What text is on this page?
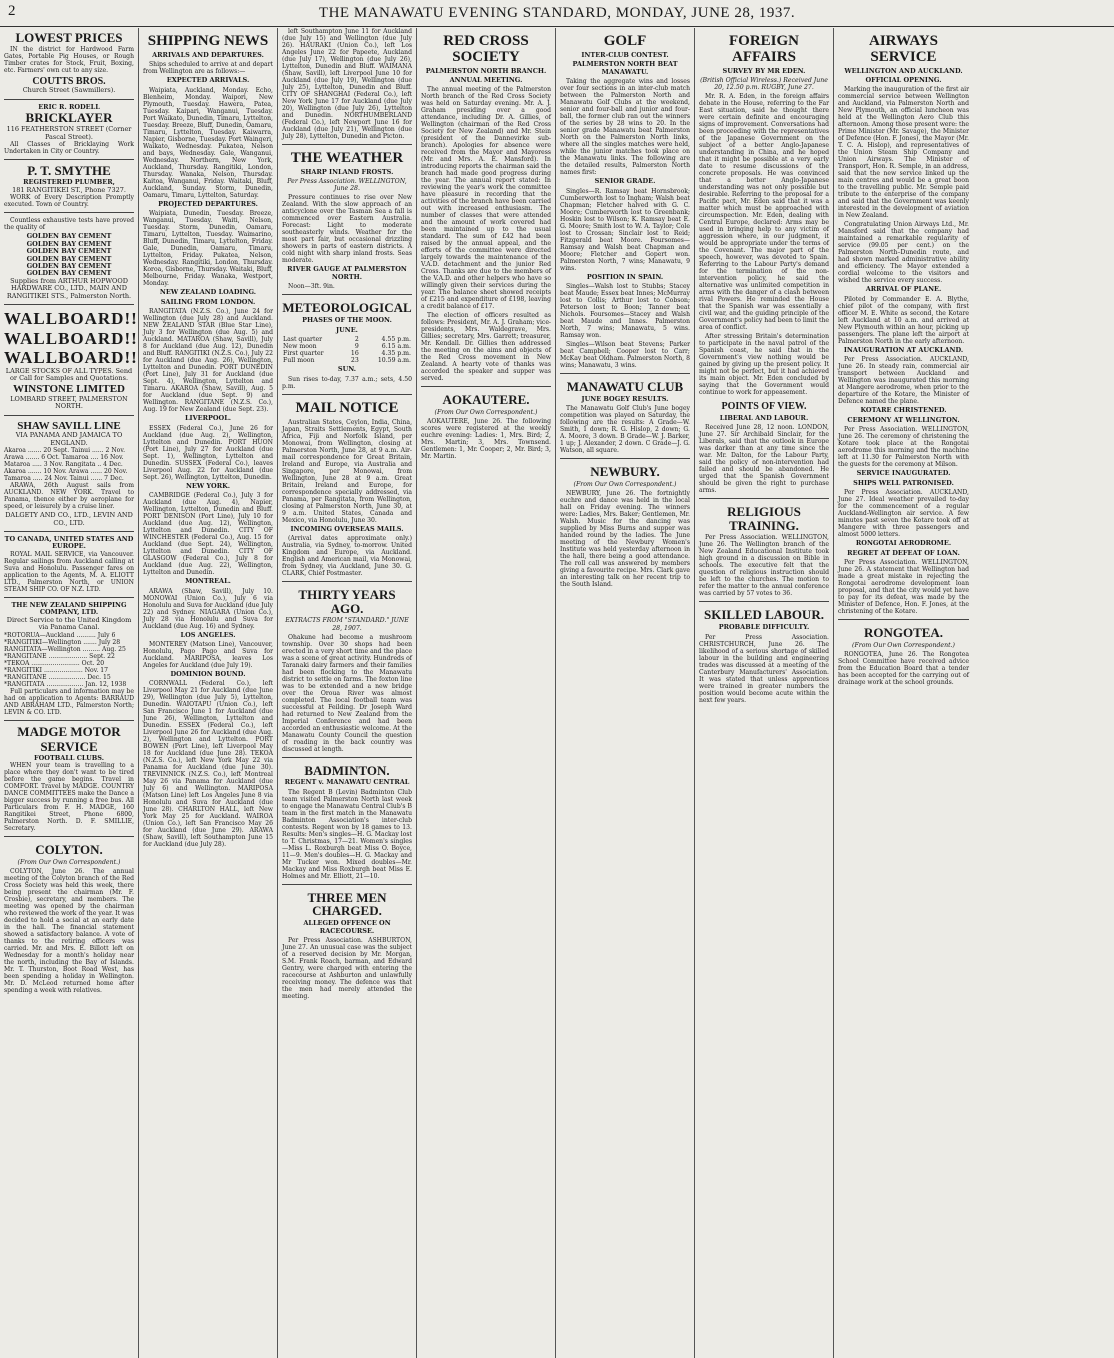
2	THE MANAWATU EVENING STANDARD, MONDAY, JUNE 28, 1937.
LOWEST PRICES
IN the district for Hardwood Farm Gates, Portable Pig Houses, or Rough Timber crates for Stock, Fruit, Boxing, etc. Farmers' own cut to any size.
COUTTS BROS.
Church Street (Sawmillers).
ERIC R. RODELL
BRICKLAYER
116 FEATHERSTON STREET (Corner Pascal Street).
All Classes of Bricklaying Work Undertaken in City or Country.
P. T. SMYTHE
REGISTERED PLUMBER,
181 RANGITIKEI ST., Phone 7327.
WORK of Every Description Promptly executed. Town or Country.
Countless exhaustive tests have proved the quality of
GOLDEN BAY CEMENT
GOLDEN BAY CEMENT
GOLDEN BAY CEMENT
GOLDEN BAY CEMENT
GOLDEN BAY CEMENT
GOLDEN BAY CEMENT
Supplies from ARTHUR HOPWOOD HARDWARE CO., LTD., MAIN AND RANGITIKEI STS., Palmerston North.
WALLBOARD!!
WALLBOARD!!
WALLBOARD!!
LARGE STOCKS OF ALL TYPES. Send or Call for Samples and Quotations.
WINSTONE LIMITED
LOMBARD STREET, PALMERSTON NORTH.
SHAW SAVILL LINE
VIA PANAMA AND JAMAICA TO ENGLAND.
Akaroa ....... 20 Sept. Tainui ...... 2 Nov.
Arawa ....... 6 Oct. Tamaroa .... 16 Nov.
Mataroa ..... 3 Nov. Rangitata .. 4 Dec.
Akaroa ....... 10 Nov. Arawa ...... 20 Nov.
Tamaroa ..... 24 Nov. Tainui ...... 7 Dec.
ARAWA, 26th August sails from AUCKLAND. NEW YORK. Travel to Panama, thence either by aeroplane for speed, or leisurely by a cruise liner.
DALGETY AND CO., LTD., LEVIN AND CO., LTD.
TO CANADA, UNITED STATES AND EUROPE.
ROYAL MAIL SERVICE, via Vancouver. Regular sailings from Auckland calling at Suva and Honolulu. Passenger fares on application to the Agents, M. A. ELIOTT LTD., Palmerston North, or UNION STEAM SHIP CO. OF N.Z. LTD.
THE NEW ZEALAND SHIPPING COMPANY, LTD.
Direct Service to the United Kingdom via Panama Canal.
*ROTORUA—Auckland .......... July 6
*RANGITIKI—Wellington ....... July 28
RANGITATA—Wellington ......... Aug. 25
*RANGITANE .................... Sept. 22
*TEKOA ......................... Oct. 20
*RANGITIKI .................... Nov. 17
*RANGITANE ................... Dec. 15
*RANGITATA ................... Jan. 12, 1938
Full particulars and information may be had on application to Agents: BARRAUD AND ABRAHAM LTD., Palmerston North; LEVIN & CO. LTD.
MADGE MOTOR SERVICE
FOOTBALL CLUBS.
WHEN your team is travelling to a place where they don't want to be tired before the game begins. Travel in COMFORT. Travel by MADGE. COUNTRY DANCE COMMITTEES make the Dance a bigger success by running a free bus. All Particulars from F. H. MADGE, 160 Rangitikei Street, Phone 6800, Palmerston North. D. F. SMILLIE, Secretary.
COLYTON.
(From Our Own Correspondent.)
COLYTON, June 26. The annual meeting of the Colyton branch of the Red Cross Society was held this week, there being present the chairman (Mr. F. Crosbie), secretary, and members. The meeting was opened by the chairman who reviewed the work of the year. It was decided to hold a social at an early date in the hall. The financial statement showed a satisfactory balance. A vote of thanks to the retiring officers was carried. Mr. and Mrs. E. Billott left on Wednesday for a month's holiday near the north, including the Bay of Islands. Mr. T. Thurston, Boot Road West, has been spending a holiday in Wellington. Mr. D. McLeod returned home after spending a week with relatives.
SHIPPING NEWS
ARRIVALS AND DEPARTURES.
Ships scheduled to arrive at and depart from Wellington are as follows:—
EXPECTED ARRIVALS.
Waipiata, Auckland, Monday. Echo, Blenheim, Monday. Waipori, New Plymouth, Tuesday. Hawera, Patea, Tuesday. Kaipari, Wanganui, Tuesday. Port Waikato, Dunedin, Timaru, Lyttelton, Tuesday. Breeze, Bluff, Dunedin, Oamaru, Timaru, Lyttelton, Tuesday. Kaiwarra, Napier, Gisborne, Tuesday. Port Waingeri, Waikato, Wednesday. Pukatea, Nelson and bays, Wednesday. Gale, Wanganui, Wednesday. Northern, New York, Auckland, Thursday. Rangitiki, London, Thursday. Wanaka, Nelson, Thursday. Kaitoa, Wanganui, Friday. Waitaki, Bluff, Auckland, Sunday. Storm, Dunedin, Oamaru, Timaru, Lyttelton, Saturday.
PROJECTED DEPARTURES.
Waipiata, Dunedin, Tuesday. Breeze, Wanganui, Tuesday. Waiti, Nelson, Tuesday. Storm, Dunedin, Oamaru, Timaru, Lyttelton, Tuesday. Waimarino, Bluff, Dunedin, Timaru, Lyttelton, Friday. Gale, Dunedin, Oamaru, Timaru, Lyttelton, Friday. Pukatea, Nelson, Wednesday. Rangitiki, London, Thursday. Koroa, Gisborne, Thursday. Waitaki, Bluff, Melbourne, Friday. Wanaka, Westport, Monday.
NEW ZEALAND LOADING.
SAILING FROM LONDON.
RANGITATA (N.Z.S. Co.), June 24 for Wellington (due July 28) and Auckland. NEW ZEALAND STAR (Blue Star Line), July 3 for Wellington (due Aug. 5) and Auckland. MATAROA (Shaw, Savill), July 8 for Auckland (due Aug. 12), Dunedin and Bluff. RANGITIKI (N.Z.S. Co.), July 22 for Auckland (due Aug. 26), Wellington, Lyttelton and Dunedin. PORT DUNEDIN (Port Line), July 31 for Auckland (due Sept. 4), Wellington, Lyttelton and Timaru. AKAROA (Shaw, Savill), Aug. 5 for Auckland (due Sept. 9) and Wellington. RANGITANE (N.Z.S. Co.), Aug. 19 for New Zealand (due Sept. 23).
LIVERPOOL.
ESSEX (Federal Co.), June 26 for Auckland (due Aug. 2), Wellington, Lyttelton and Dunedin. PORT HUON (Port Line), July 27 for Auckland (due Sept. 1), Wellington, Lyttelton and Dunedin. SUSSEX (Federal Co.), leaves Liverpool Aug. 22 for Auckland (due Sept. 26), Wellington, Lyttelton, Dunedin.
NEW YORK.
CAMBRIDGE (Federal Co.), July 3 for Auckland (due Aug. 4), Napier, Wellington, Lyttelton, Dunedin and Bluff. PORT DENISON (Port Line), July 10 for Auckland (due Aug. 12), Wellington, Lyttelton and Dunedin. CITY OF WINCHESTER (Federal Co.), Aug. 15 for Auckland (due Sept. 24), Wellington, Lyttelton and Dunedin. CITY OF GLASGOW (Federal Co.), July 8 for Auckland (due Aug. 22), Wellington, Lyttelton and Dunedin.
MONTREAL.
ARAWA (Shaw, Savill), July 10. MONOWAI (Union Co.), July 6 via Honolulu and Suva for Auckland (due July 22) and Sydney. NIAGARA (Union Co.), July 28 via Honolulu and Suva for Auckland (due Aug. 16) and Sydney.
LOS ANGELES.
MONTEREY (Matson Line), Vancouver, Honolulu, Pago Pago and Suva for Auckland. MARIPOSA, leaves Los Angeles for Auckland (due July 19).
DOMINION BOUND.
CORNWALL (Federal Co.), left Liverpool May 21 for Auckland (due June 29), Wellington (due July 5), Lyttelton, Dunedin. WAIOTAPU (Union Co.), left San Francisco June 1 for Auckland (due June 26), Wellington, Lyttelton and Dunedin. ESSEX (Federal Co.), left Liverpool June 26 for Auckland (due Aug. 2), Wellington and Lyttelton. PORT BOWEN (Port Line), left Liverpool May 18 for Auckland (due June 28). TEKOA (N.Z.S. Co.), left New York May 22 via Panama for Auckland (due June 30). TREVINNICK (N.Z.S. Co.), left Montreal May 26 via Panama for Auckland (due July 6) and Wellington. MARIPOSA (Matson Line) left Los Angeles June 8 via Honolulu and Suva for Auckland (due June 28). CHARLTON HALL, left New York May 25 for Auckland. WAIROA (Union Co.), left San Francisco May 26 for Auckland (due June 29). ARAWA (Shaw, Savill), left Southampton June 15 for Auckland (due July 28).
left Southampton June 11 for Auckland (due July 15) and Wellington (due July 26). HAURAKI (Union Co.), left Los Angeles June 22 for Papeete, Auckland (due July 17), Wellington (due July 26), Lyttelton, Dunedin and Bluff. WAIMANA (Shaw, Savill), left Liverpool June 10 for Auckland (due July 19), Wellington (due July 25), Lyttelton, Dunedin and Bluff. CITY OF SHANGHAI (Federal Co.), left New York June 17 for Auckland (due July 20), Wellington (due July 26), Lyttelton and Dunedin. NORTHUMBERLAND (Federal Co.), left Newport June 16 for Auckland (due July 21), Wellington (due July 28), Lyttelton, Dunedin and Picton.
THE WEATHER
SHARP INLAND FROSTS.
Per Press Association. WELLINGTON, June 28.
Pressure continues to rise over New Zealand. With the slow approach of an anticyclone over the Tasman Sea a fall is commenced over Eastern Australia. Forecast: Light to moderate southeasterly winds. Weather for the most part fair, but occasional drizzling showers in parts of eastern districts. A cold night with sharp inland frosts. Seas moderate.
RIVER GAUGE AT PALMERSTON NORTH.
Noon—3ft. 9in.
METEOROLOGICAL
PHASES OF THE MOON.
JUNE.
Last quarter	2	4.55 p.m.
New moon	9	6.15 a.m.
First quarter	16	4.35 p.m.
Full moon	23	10.59 a.m.
SUN.
Sun rises to-day, 7.37 a.m.; sets, 4.50 p.m.
MAIL NOTICE
Australian States, Ceylon, India, China, Japan, Straits Settlements, Egypt, South Africa, Fiji and Norfolk Island, per Monowai, from Wellington, closing at Palmerston North, June 28, at 9 a.m. Air-mail correspondence for Great Britain, Ireland and Europe, via Australia and Singapore, per Monowai, from Wellington, June 28 at 9 a.m. Great Britain, Ireland and Europe, for correspondence specially addressed, via Panama, per Rangitata, from Wellington, closing at Palmerston North, June 30, at 9 a.m. United States, Canada and Mexico, via Honolulu, June 30.
INCOMING OVERSEAS MAILS.
(Arrival dates approximate only.) Australia, via Sydney, to-morrow. United Kingdom and Europe, via Auckland. English and American mail, via Monowai, from Sydney, via Auckland, June 30. G. CLARK, Chief Postmaster.
THIRTY YEARS AGO.
EXTRACTS FROM "STANDARD." JUNE 28, 1907.
Ohakune had become a mushroom township. Over 30 shops had been erected in a very short time and the place was a scene of great activity. Hundreds of Taranaki dairy farmers and their families had been flocking to the Manawatu district to settle on farms. The foxton line was to be extended and a new bridge over the Oroua River was almost completed. The local football team was successful at Feilding. Dr Joseph Ward had returned to New Zealand from the Imperial Conference and had been accorded an enthusiastic welcome. At the Manawatu County Council the question of roading in the back country was discussed at length.
BADMINTON.
REGENT v. MANAWATU CENTRAL
The Regent B (Levin) Badminton Club team visited Palmerston North last week to engage the Manawatu Central Club's B team in the first match in the Manawatu Badminton Association's inter-club contests. Regent won by 18 games to 13. Results: Men's singles—H. G. Mackay lost to T. Christmas, 17—21. Women's singles—Miss L. Roxburgh beat Miss O. Boyce, 11—9. Men's doubles—H. G. Mackay and Mr Tucker won. Mixed doubles—Mr. Mackay and Miss Roxburgh beat Miss E. Holmes and Mr. Elliott, 21—10.
THREE MEN CHARGED.
ALLEGED OFFENCE ON RACECOURSE.
Per Press Association. ASHBURTON, June 27. An unusual case was the subject of a reserved decision by Mr. Morgan, S.M. Frank Roach, barman, and Edward Gentry, were charged with entering the racecourse at Ashburton and unlawfully receiving money. The defence was that the men had merely attended the meeting.
RED CROSS SOCIETY
PALMERSTON NORTH BRANCH.
ANNUAL MEETING.
The annual meeting of the Palmerston North branch of the Red Cross Society was held on Saturday evening. Mr. A. J. Graham presiding over a good attendance, including Dr. A. Gillies, of Wellington (chairman of the Red Cross Society for New Zealand) and Mr. Stein (president of the Dannevirke sub-branch). Apologies for absence were received from the Mayor and Mayoress (Mr. and Mrs. A. E. Mansford). In introducing reports the chairman said the branch had made good progress during the year. The annual report stated: In reviewing the year's work the committee have pleasure in recording that the activities of the branch have been carried out with increased enthusiasm. The number of classes that were attended and the amount of work covered had been maintained up to the usual standard. The sum of £42 had been raised by the annual appeal, and the efforts of the committee were directed largely towards the maintenance of the V.A.D. detachment and the junior Red Cross. Thanks are due to the members of the V.A.D. and other helpers who have so willingly given their services during the year. The balance sheet showed receipts of £215 and expenditure of £198, leaving a credit balance of £17.
The election of officers resulted as follows: President, Mr. A. J. Graham; vice-presidents, Mrs. Waldegrave, Mrs. Gillies; secretary, Mrs. Garrett; treasurer, Mr. Kendall. Dr. Gillies then addressed the meeting on the aims and objects of the Red Cross movement in New Zealand. A hearty vote of thanks was accorded the speaker and supper was served.
AOKAUTERE.
(From Our Own Correspondent.)
AOKAUTERE, June 26. The following scores were registered at the weekly euchre evening: Ladies: 1, Mrs. Bird; 2, Mrs. Martin; 3, Mrs. Townsend. Gentlemen: 1, Mr. Cooper; 2, Mr. Bird; 3, Mr. Martin.
GOLF
INTER-CLUB CONTEST.
PALMERSTON NORTH BEAT MANAWATU.
Taking the aggregate wins and losses over four sections in an inter-club match between the Palmerston North and Manawatu Golf Clubs at the weekend, senior and four-ball and junior and four-ball, the former club ran out the winners of the series by 28 wins to 20. In the senior grade Manawatu beat Palmerston North on the Palmerston North links, where all the singles matches were held, while the junior matches took place on the Manawatu links. The following are the detailed results, Palmerston North names first:
SENIOR GRADE.
Singles—R. Ramsay beat Hornsbrook; Cumberworth lost to Ingham; Walsh beat Chapman; Fletcher halved with G. C. Moore; Cumberworth lost to Greenbank; Hoskin lost to Wilson; K. Ramsay beat E. G. Moore; Smith lost to W. A. Taylor; Cole lost to Crossan; Sinclair lost to Reid; Fitzgerald beat Moore. Foursomes—Ramsay and Walsh beat Chapman and Moore; Fletcher and Gopert won. Palmerston North, 7 wins; Manawatu, 9 wins.
POSITION IN SPAIN.
Singles—Walsh lost to Stubbs; Stacey beat Maude; Essex beat Innes; McMurray lost to Collis; Arthur lost to Cobson; Peterson lost to Boon; Tanner beat Nichols. Foursomes—Stacey and Walsh beat Maude and Innes. Palmerston North, 7 wins; Manawatu, 5 wins. Ramsay won.
Singles—Wilson beat Stevens; Parker beat Campbell; Cooper lost to Carr; McKay beat Oldham. Palmerston North, 8 wins; Manawatu, 3 wins.
MANAWATU CLUB
JUNE BOGEY RESULTS.
The Manawatu Golf Club's June bogey competition was played on Saturday, the following are the results: A Grade—W. Smith, 1 down; R. G. Hislop, 2 down; G. A. Moore, 3 down. B Grade—W. J. Barker, 1 up; J. Alexander, 2 down. C Grade—J. G. Watson, all square.
NEWBURY.
(From Our Own Correspondent.)
NEWBURY, June 26. The fortnightly euchre and dance was held in the local hall on Friday evening. The winners were: Ladies, Mrs. Baker; Gentlemen, Mr. Walsh. Music for the dancing was supplied by Miss Burns and supper was handed round by the ladies. The June meeting of the Newbury Women's Institute was held yesterday afternoon in the hall, there being a good attendance. The roll call was answered by members giving a favourite recipe. Mrs. Clark gave an interesting talk on her recent trip to the South Island.
FOREIGN AFFAIRS
SURVEY BY MR EDEN.
(British Official Wireless.) Received June 20, 12.50 p.m. RUGBY, June 27.
Mr. R. A. Eden, in the foreign affairs debate in the House, referring to the Far East situation, said he thought there were certain definite and encouraging signs of improvement. Conversations had been proceeding with the representatives of the Japanese Government on the subject of a better Anglo-Japanese understanding in China, and he hoped that it might be possible at a very early date to resume discussions of the concrete proposals. He was convinced that a better Anglo-Japanese understanding was not only possible but desirable. Referring to the proposal for a Pacific pact, Mr. Eden said that it was a matter which must be approached with circumspection. Mr. Eden, dealing with Central Europe, declared: Arms may be used in bringing help to any victim of aggression where, in our judgment, it would be appropriate under the terms of the Covenant. The major part of the speech, however, was devoted to Spain. Referring to the Labour Party's demand for the termination of the non-intervention policy, he said the alternative was unlimited competition in arms with the danger of a clash between rival Powers. He reminded the House that the Spanish war was essentially a civil war, and the guiding principle of the Government's policy had been to limit the area of conflict.
After stressing Britain's determination to participate in the naval patrol of the Spanish coast, he said that in the Government's view nothing would be gained by giving up the present policy. It might not be perfect, but it had achieved its main object. Mr. Eden concluded by saying that the Government would continue to work for appeasement.
POINTS OF VIEW.
LIBERAL AND LABOUR.
Received June 28, 12 noon. LONDON, June 27. Sir Archibald Sinclair, for the Liberals, said that the outlook in Europe was darker than at any time since the war. Mr. Dalton, for the Labour Party, said the policy of non-intervention had failed and should be abandoned. He urged that the Spanish Government should be given the right to purchase arms.
RELIGIOUS TRAINING.
Per Press Association. WELLINGTON, June 26. The Wellington branch of the New Zealand Educational Institute took high ground in a discussion on Bible in schools. The executive felt that the question of religious instruction should be left to the churches. The motion to refer the matter to the annual conference was carried by 57 votes to 36.
SKILLED LABOUR.
PROBABLE DIFFICULTY.
Per Press Association. CHRISTCHURCH, June 26. The likelihood of a serious shortage of skilled labour in the building and engineering trades was discussed at a meeting of the Canterbury Manufacturers' Association. It was stated that unless apprentices were trained in greater numbers the position would become acute within the next few years.
AIRWAYS SERVICE
WELLINGTON AND AUCKLAND.
OFFICIAL OPENING.
Marking the inauguration of the first air commercial service between Wellington and Auckland, via Palmerston North and New Plymouth, an official luncheon was held at the Wellington Aero Club this afternoon. Among those present were: the Prime Minister (Mr. Savage), the Minister of Defence (Hon. F. Jones), the Mayor (Mr. T. C. A. Hislop), and representatives of the Union Steam Ship Company and Union Airways. The Minister of Transport, Hon. R. Semple, in an address, said that the new service linked up the main centres and would be a great boon to the travelling public. Mr. Semple paid tribute to the enterprise of the company and said that the Government was keenly interested in the development of aviation in New Zealand.
Congratulating Union Airways Ltd., Mr. Mansford said that the company had maintained a remarkable regularity of service (99.05 per cent.) on the Palmerston North–Dunedin route, and had shown marked administrative ability and efficiency. The Mayor extended a cordial welcome to the visitors and wished the service every success.
ARRIVAL OF PLANE.
Piloted by Commander E. A. Blythe, chief pilot of the company, with first officer M. E. White as second, the Kotare left Auckland at 10 a.m. and arrived at New Plymouth within an hour, picking up passengers. The plane left the airport at Palmerston North in the early afternoon.
INAUGURATION AT AUCKLAND.
Per Press Association. AUCKLAND, June 26. In steady rain, commercial air transport between Auckland and Wellington was inaugurated this morning at Mangere aerodrome, when prior to the departure of the Kotare, the Minister of Defence named the plane.
KOTARE CHRISTENED.
CEREMONY AT WELLINGTON.
Per Press Association. WELLINGTON, June 26. The ceremony of christening the Kotare took place at the Rongotai aerodrome this morning and the machine left at 11.30 for Palmerston North with the guests for the ceremony at Milson.
SERVICE INAUGURATED.
SHIPS WELL PATRONISED.
Per Press Association. AUCKLAND, June 27. Ideal weather prevailed to-day for the commencement of a regular Auckland-Wellington air service. A few minutes past seven the Kotare took off at Mangere with three passengers and almost 5000 letters.
RONGOTAI AERODROME.
REGRET AT DEFEAT OF LOAN.
Per Press Association. WELLINGTON, June 26. A statement that Wellington had made a great mistake in rejecting the Rongotai aerodrome development loan proposal, and that the city would yet have to pay for its defeat, was made by the Minister of Defence, Hon. F. Jones, at the christening of the Kotare.
RONGOTEA.
(From Our Own Correspondent.)
RONGOTEA, June 26. The Rongotea School Committee have received advice from the Education Board that a tender has been accepted for the carrying out of drainage work at the school grounds.
